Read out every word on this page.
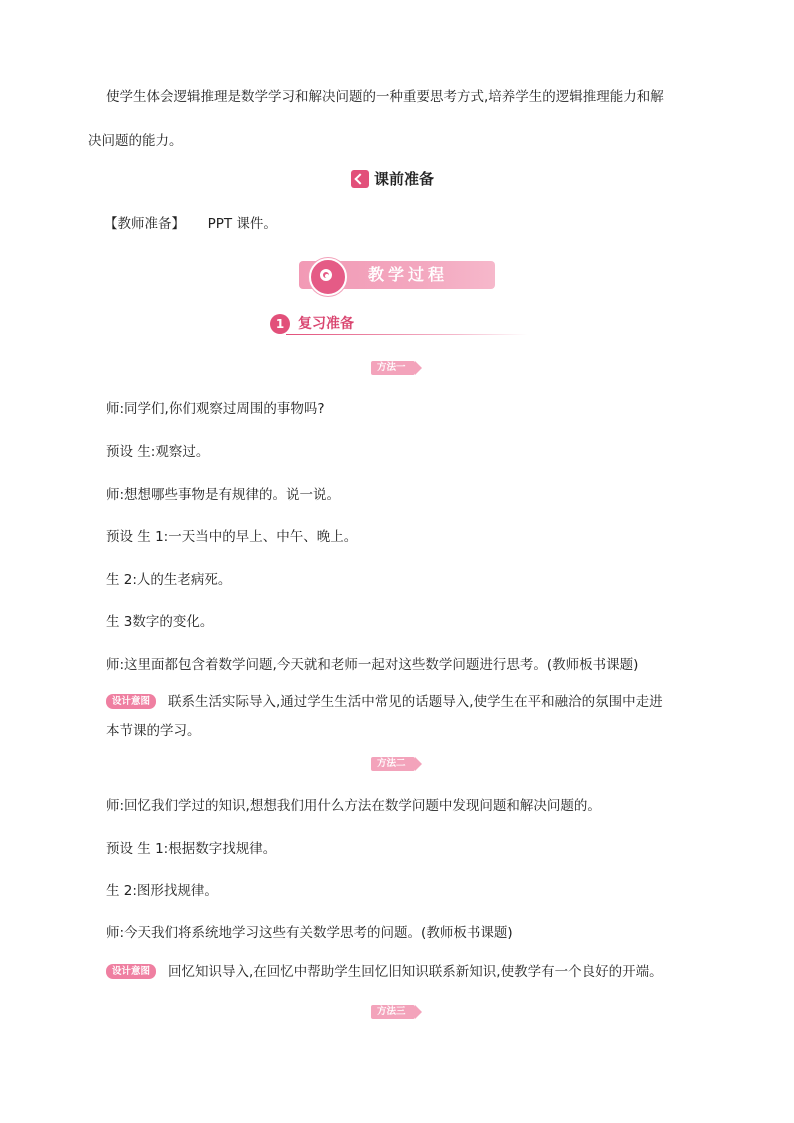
使学生体会逻辑推理是数学学习和解决问题的一种重要思考方式,培养学生的逻辑推理能力和解
决问题的能力。
课前准备
【教师准备】 PPT 课件。
教学过程
1 复习准备
方法一
师:同学们,你们观察过周围的事物吗?
预设 生:观察过。
师:想想哪些事物是有规律的。说一说。
预设 生 1:一天当中的早上、中午、晚上。
生 2:人的生老病死。
生 3数字的变化。
师:这里面都包含着数学问题,今天就和老师一起对这些数学问题进行思考。(教师板书课题)
设计意图	联系生活实际导入,通过学生生活中常见的话题导入,使学生在平和融洽的氛围中走进
本节课的学习。
方法二
师:回忆我们学过的知识,想想我们用什么方法在数学问题中发现问题和解决问题的。
预设 生 1:根据数字找规律。
生 2:图形找规律。
师:今天我们将系统地学习这些有关数学思考的问题。(教师板书课题)
设计意图	回忆知识导入,在回忆中帮助学生回忆旧知识联系新知识,使教学有一个良好的开端。
方法三
